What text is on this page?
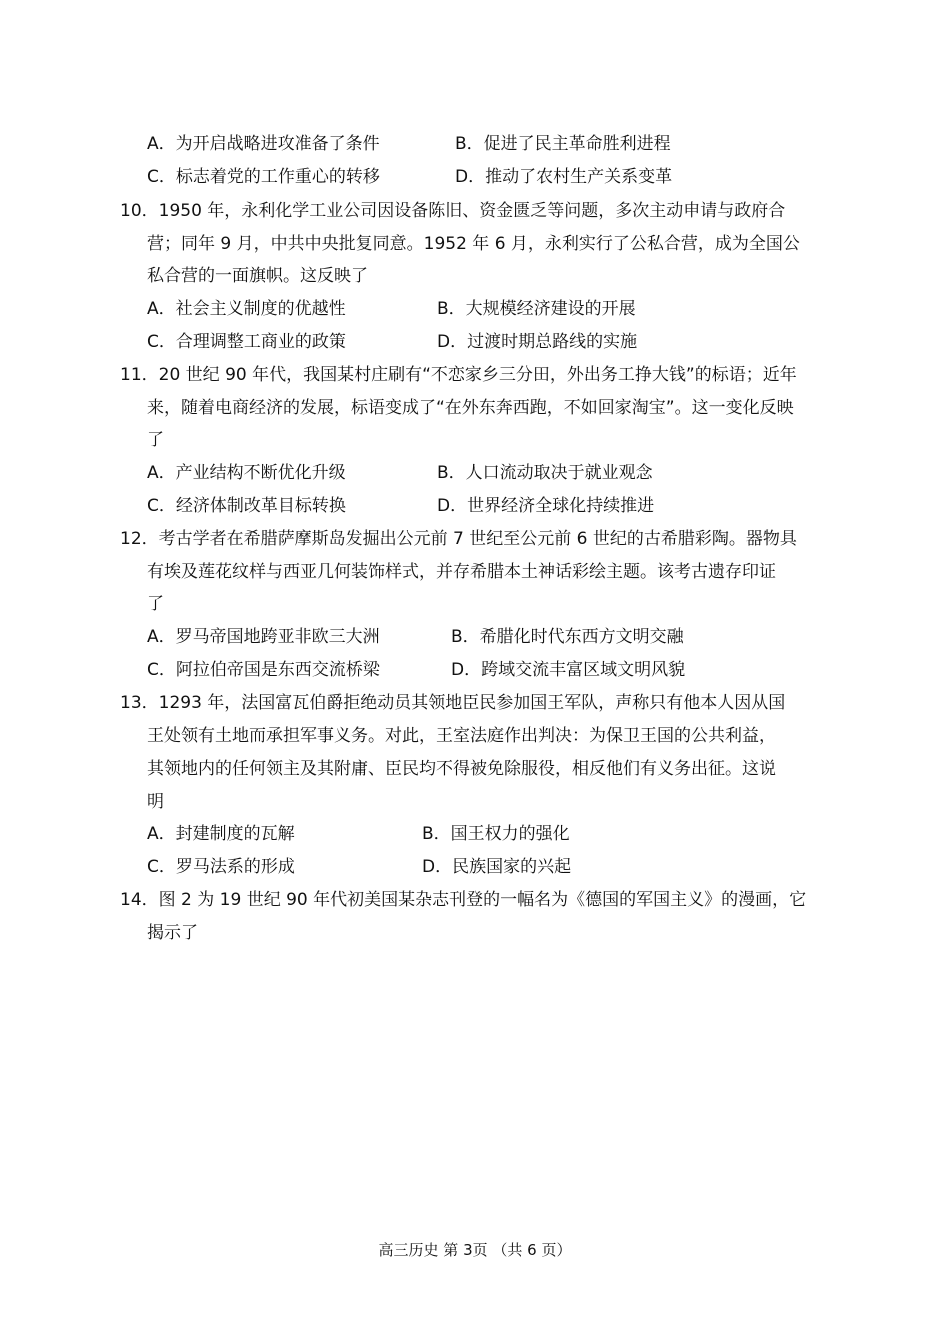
A．为开启战略进攻准备了条件	B．促进了民主革命胜利进程
C．标志着党的工作重心的转移	D．推动了农村生产关系变革
10．1950 年，永利化学工业公司因设备陈旧、资金匮乏等问题，多次主动申请与政府合
营；同年 9 月，中共中央批复同意。1952 年 6 月，永利实行了公私合营，成为全国公
私合营的一面旗帜。这反映了
A．社会主义制度的优越性	B．大规模经济建设的开展
C．合理调整工商业的政策	D．过渡时期总路线的实施
11．20 世纪 90 年代，我国某村庄刷有“不恋家乡三分田，外出务工挣大钱”的标语；近年
来，随着电商经济的发展，标语变成了“在外东奔西跑，不如回家淘宝”。这一变化反映
了
A．产业结构不断优化升级	B．人口流动取决于就业观念
C．经济体制改革目标转换	D．世界经济全球化持续推进
12．考古学者在希腊萨摩斯岛发掘出公元前 7 世纪至公元前 6 世纪的古希腊彩陶。器物具
有埃及莲花纹样与西亚几何装饰样式，并存希腊本土神话彩绘主题。该考古遗存印证
了
A．罗马帝国地跨亚非欧三大洲	B．希腊化时代东西方文明交融
C．阿拉伯帝国是东西交流桥梁	D．跨域交流丰富区域文明风貌
13．1293 年，法国富瓦伯爵拒绝动员其领地臣民参加国王军队，声称只有他本人因从国
王处领有土地而承担军事义务。对此，王室法庭作出判决：为保卫王国的公共利益，
其领地内的任何领主及其附庸、臣民均不得被免除服役，相反他们有义务出征。这说
明
A．封建制度的瓦解	B．国王权力的强化
C．罗马法系的形成	D．民族国家的兴起
14．图 2 为 19 世纪 90 年代初美国某杂志刊登的一幅名为《德国的军国主义》的漫画，它
揭示了
高三历史 第 3页 （共 6 页）
